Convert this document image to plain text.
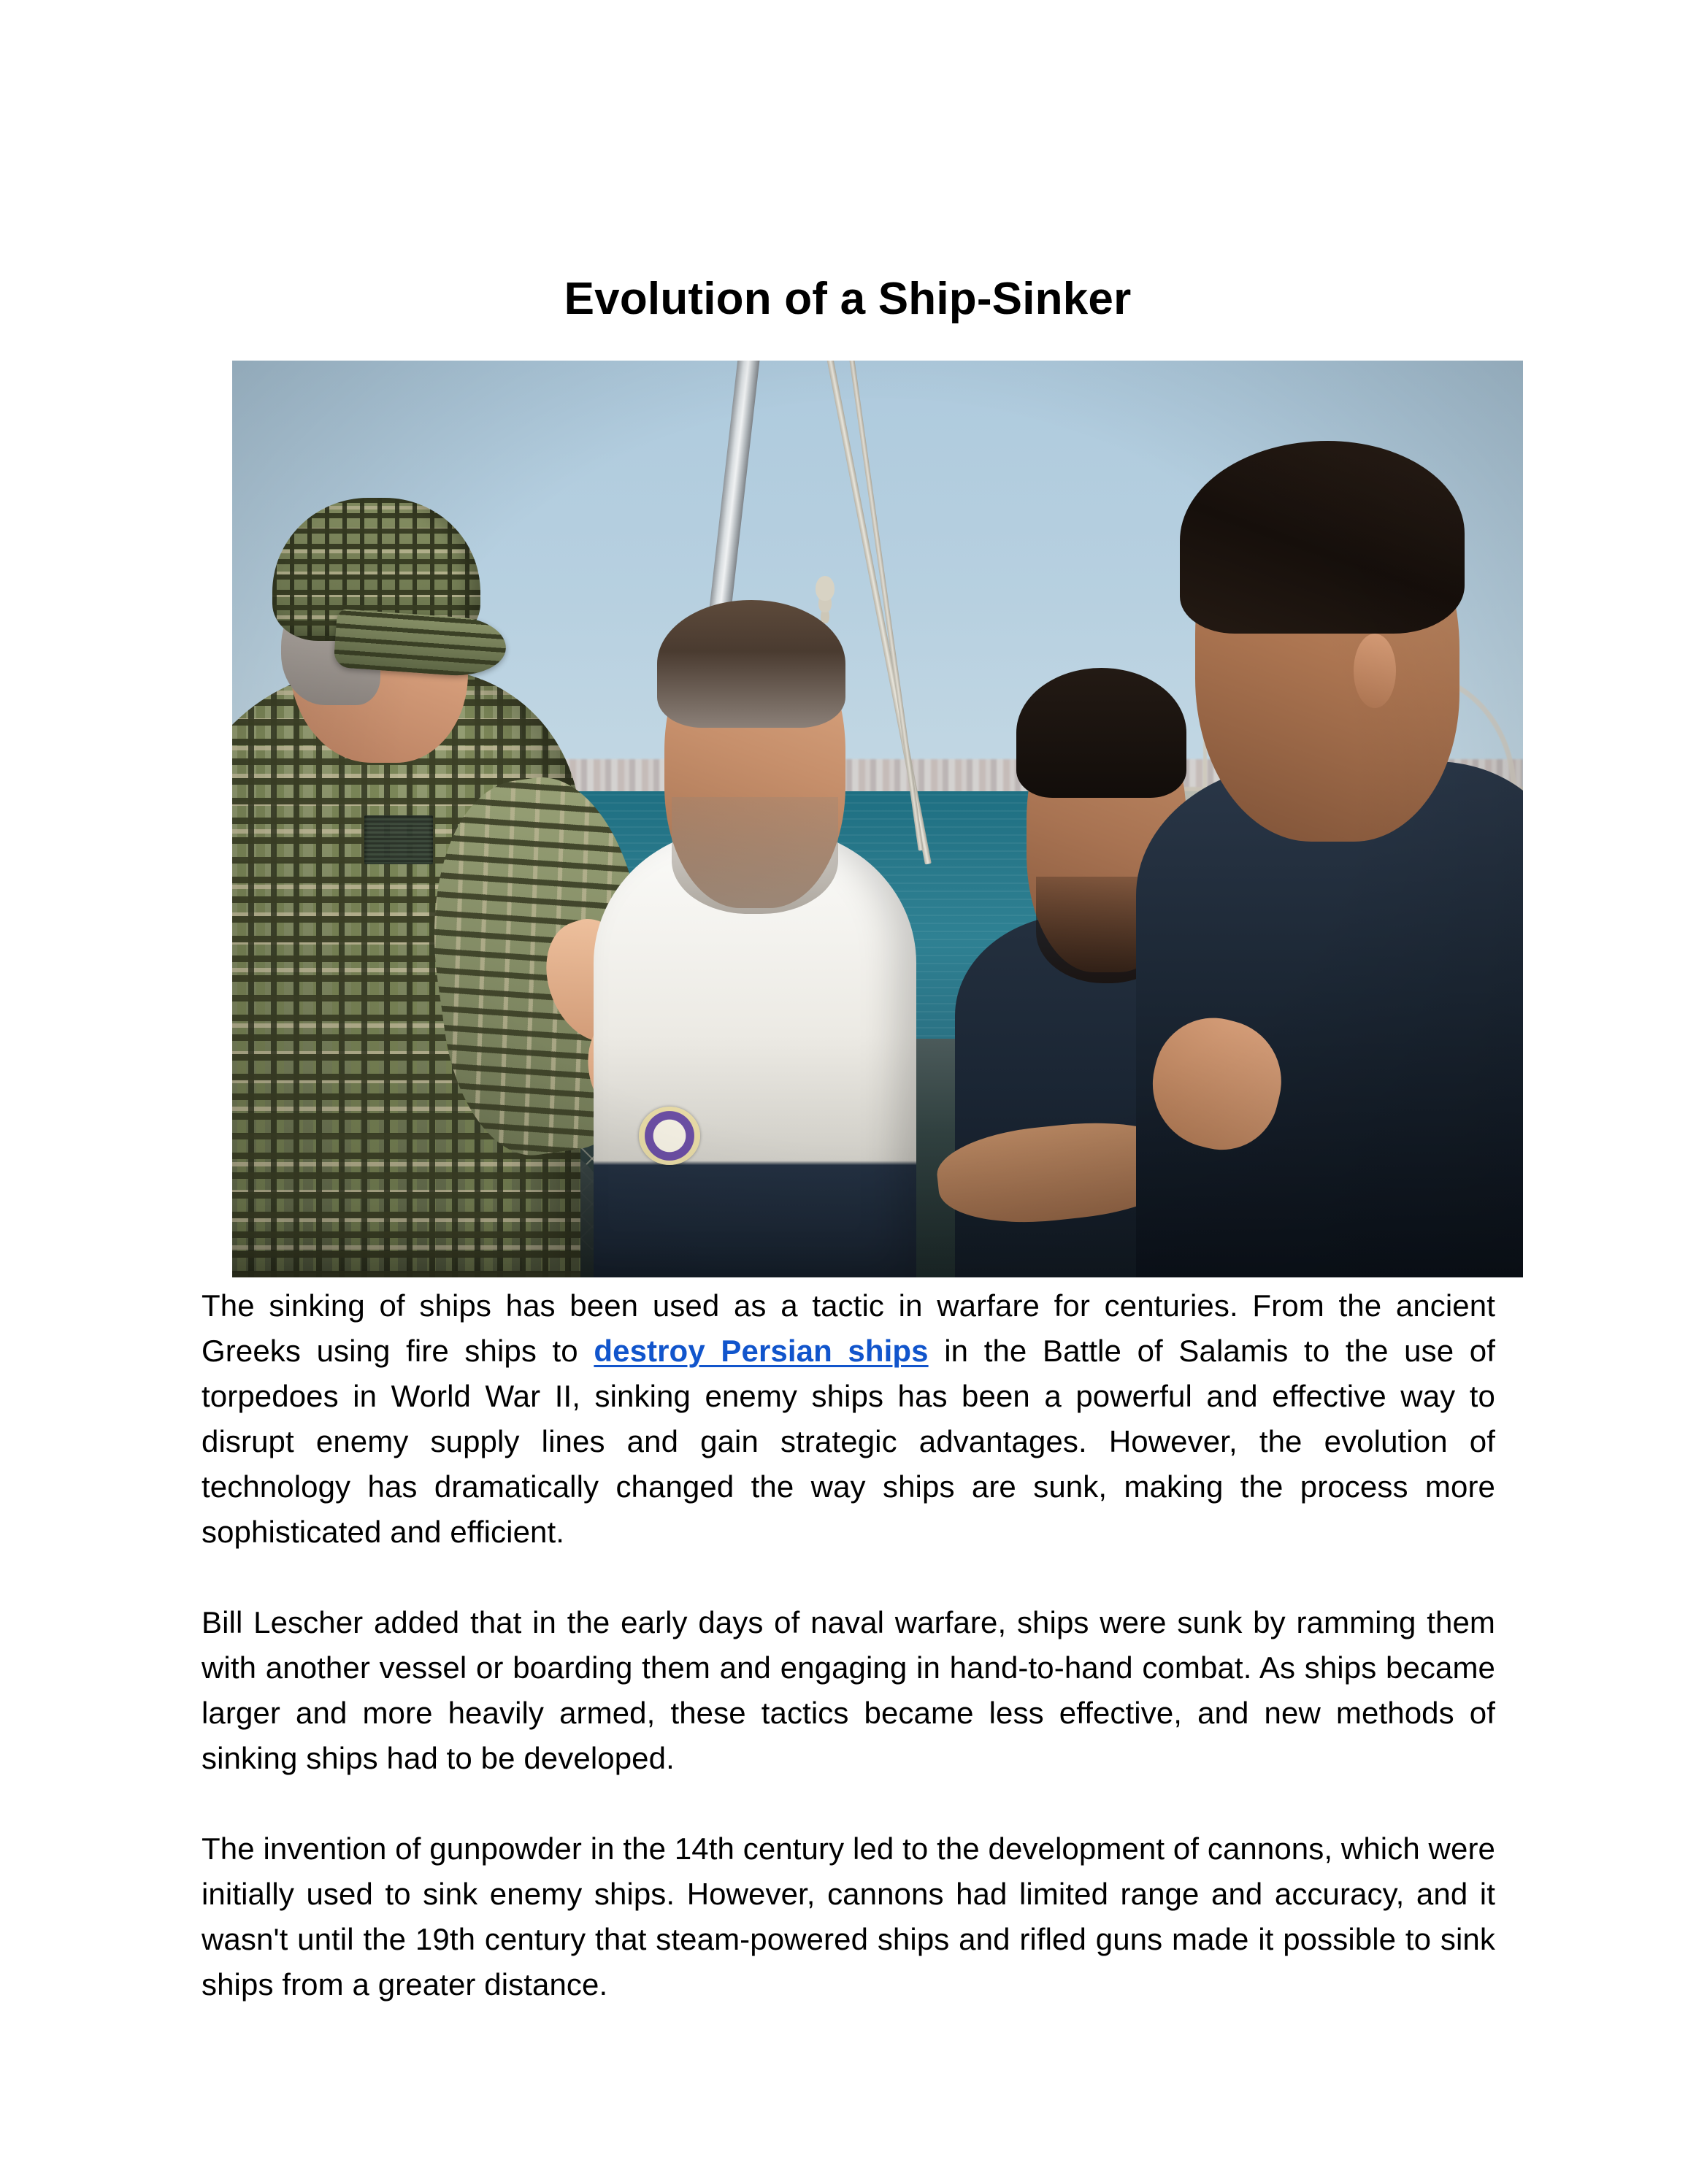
Evolution of a Ship-Sinker

The sinking of ships has been used as a tactic in warfare for centuries. From the ancient Greeks using fire ships to destroy Persian ships in the Battle of Salamis to the use of torpedoes in World War II, sinking enemy ships has been a powerful and effective way to disrupt enemy supply lines and gain strategic advantages. However, the evolution of technology has dramatically changed the way ships are sunk, making the process more sophisticated and efficient.

Bill Lescher added that in the early days of naval warfare, ships were sunk by ramming them with another vessel or boarding them and engaging in hand-to-hand combat. As ships became larger and more heavily armed, these tactics became less effective, and new methods of sinking ships had to be developed.

The invention of gunpowder in the 14th century led to the development of cannons, which were initially used to sink enemy ships. However, cannons had limited range and accuracy, and it wasn't until the 19th century that steam-powered ships and rifled guns made it possible to sink ships from a greater distance.
